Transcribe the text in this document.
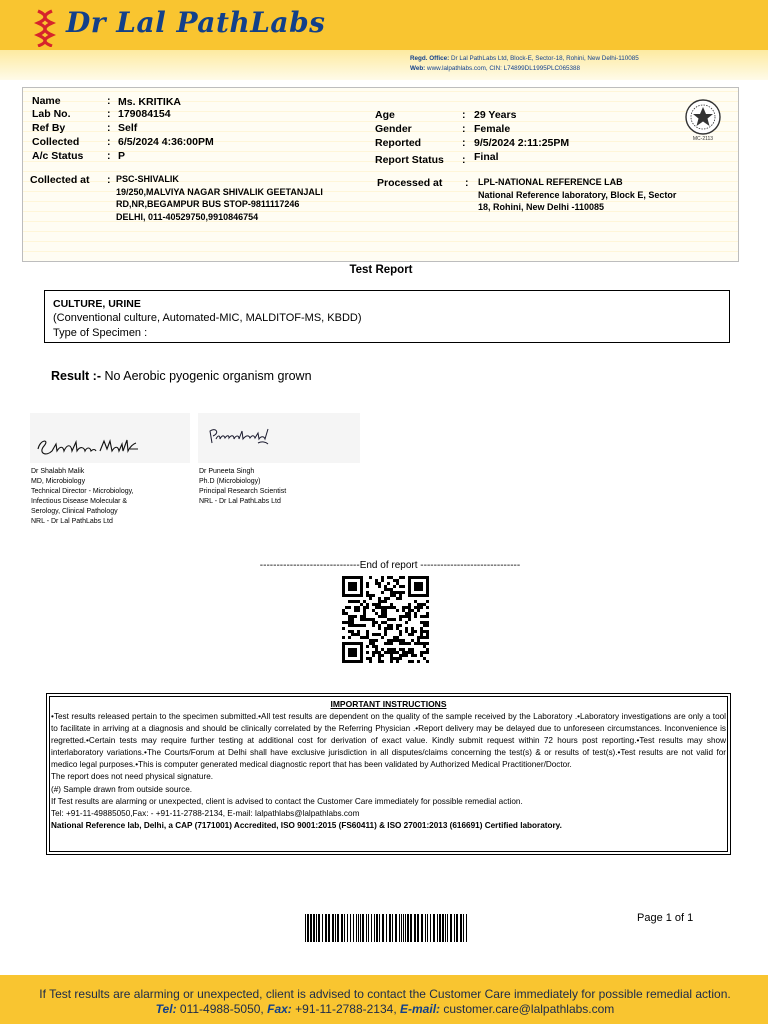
Dr Lal PathLabs
Regd. Office: Dr Lal PathLabs Ltd, Block-E, Sector-18, Rohini, New Delhi-110085
Web: www.lalpathlabs.com, CIN: L74899DL1995PLC065388
Name	: Ms. KRITIKA
Lab No.	: 179084154
Ref By	: Self
Collected	: 6/5/2024 4:36:00PM
A/c Status : P
Age	: 29 Years
Gender	: Female
Reported	: 9/5/2024 2:11:25PM
Report Status : Final
MC-2113
Collected at : PSC-SHIVALIK
19/250,MALVIYA NAGAR SHIVALIK GEETANJALI
RD,NR,BEGAMPUR BUS STOP-9811117246
DELHI, 011-40529750,9910846754
Processed at : LPL-NATIONAL REFERENCE LAB
National Reference laboratory, Block E, Sector
18, Rohini, New Delhi -110085
Test Report
CULTURE, URINE
(Conventional culture, Automated-MIC, MALDITOF-MS, KBDD)
Type of Specimen :
Result :- No Aerobic pyogenic organism grown
Dr Shalabh Malik
MD, Microbiology
Technical Director - Microbiology,
Infectious Disease Molecular &
Serology, Clinical Pathology
NRL - Dr Lal PathLabs Ltd
Dr Puneeta Singh
Ph.D (Microbiology)
Principal Research Scientist
NRL - Dr Lal PathLabs Ltd
------------------------------End of report ------------------------------
IMPORTANT INSTRUCTIONS
•Test results released pertain to the specimen submitted.•All test results are dependent on the quality of the sample received by the Laboratory .•Laboratory investigations are only a tool to facilitate in arriving at a diagnosis and should be clinically correlated by the Referring Physician .•Report delivery may be delayed due to unforeseen circumstances. Inconvenience is regretted.•Certain tests may require further testing at additional cost for derivation of exact value. Kindly submit request within 72 hours post reporting.•Test results may show interlaboratory variations.•The Courts/Forum at Delhi shall have exclusive jurisdiction in all disputes/claims concerning the test(s) & or results of test(s).•Test results are not valid for medico legal purposes.•This is computer generated medical diagnostic report that has been validated by Authorized Medical Practitioner/Doctor.
The report does not need physical signature.
(#) Sample drawn from outside source.
If Test results are alarming or unexpected, client is advised to contact the Customer Care immediately for possible remedial action.
Tel: +91-11-49885050,Fax: - +91-11-2788-2134, E-mail: lalpathlabs@lalpathlabs.com
National Reference lab, Delhi, a CAP (7171001) Accredited, ISO 9001:2015 (FS60411) & ISO 27001:2013 (616691) Certified laboratory.
Page 1 of 1
If Test results are alarming or unexpected, client is advised to contact the Customer Care immediately for possible remedial action.
Tel: 011-4988-5050, Fax: +91-11-2788-2134, E-mail: customer.care@lalpathlabs.com
